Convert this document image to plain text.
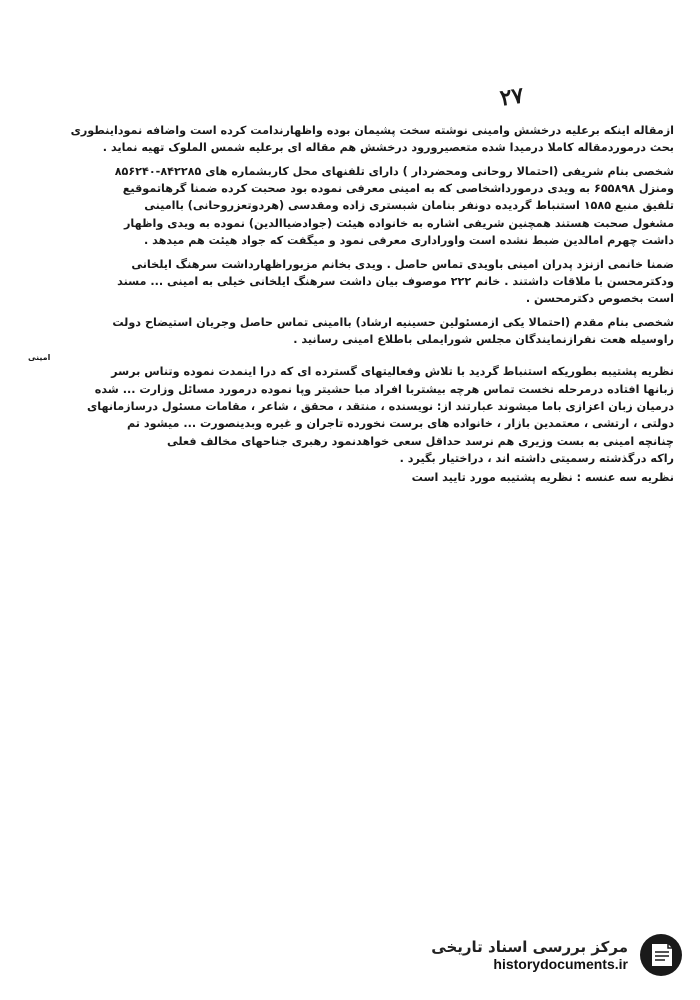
۲۷
ازمقاله اینکه برعلیه درخشش وامینی نوشته سخت پشیمان بوده واظهارندامت کرده است واضافه نموداینطوری
بحث درموردمقاله کاملا درمیدا شده متعصیرورود درخشش هم مقاله ای برعلیه شمس الملوک تهیه نماید .
شخصی بنام شریفی (احتمالا روحانی ومحضردار ) دارای تلفنهای محل کاربشماره های ۸۴۲۲۸۵-۸۵۶۲۴۰
ومنزل ۶۵۵۸۹۸ به ویدی درمورداشخاصی که به امینی معرفی نموده بود صحبت کرده ضمنا گرهاتموقیع
تلفیق منبع ۱۵۸۵ استنباط گردیده دونفر بنامان شبستری زاده ومقدسی (هردوتعزروحانی) باامینی
مشغول صحبت هستند همچنین شریفی اشاره به خانواده هیئت (جوادضیاالدین) نموده به ویدی واظهار
داشت چهرم امالدین ضبط نشده است واوراداری معرفی نمود و میگفت که جواد هیئت هم میدهد .
ضمنا خانمی ازنزد پدران امینی باویدی تماس حاصل . ویدی بخانم مزبوراظهارداشت سرهنگ ایلخانی
ودکترمحسن با ملاقات داشتند . خانم ۲۲۲ موصوف بیان داشت سرهنگ ایلخانی خیلی به امینی ... مسند
است بخصوص دکترمحسن .
شخصی بنام مقدم (احتمالا یکی ازمسئولین حسینیه ارشاد) باامینی تماس حاصل وجریان استیضاح دولت
راوسیله هعت نفرازنمایندگان مجلس شورایملی باطلاع امینی رسانید .
امینی
نظریه پشتیبه بطوریکه استنباط گردید با تلاش وفعالیتهای گسترده ای که درا اینمدت نموده وتناس برسر
زبانها افتاده درمرحله نخست تماس هرچه بیشتربا افراد مبا حشیتر وپا نموده درمورد مسائل وزارت ... شده
درمیان زبان اعزازی باما میشوند عبارتند از: نویسنده ، منتقد ، محقق ، شاعر ، مقامات مسئول درسازمانهای
دولتی ، ارتشی ، معتمدین بازار ، خانواده های برست نخورده تاجران و غیره وبدینصورت ... میشود تم
چنانچه امینی به بست وزیری هم نرسد حداقل سعی خواهدنمود رهبری جناحهای مخالف فعلی
راکه درگذشته رسمیتی داشته اند ، دراختیار بگیرد .
نظریه سه عنسه : نظریه پشتیبه مورد تایید است
مرکز بررسی اسناد تاریخی
historydocuments.ir
